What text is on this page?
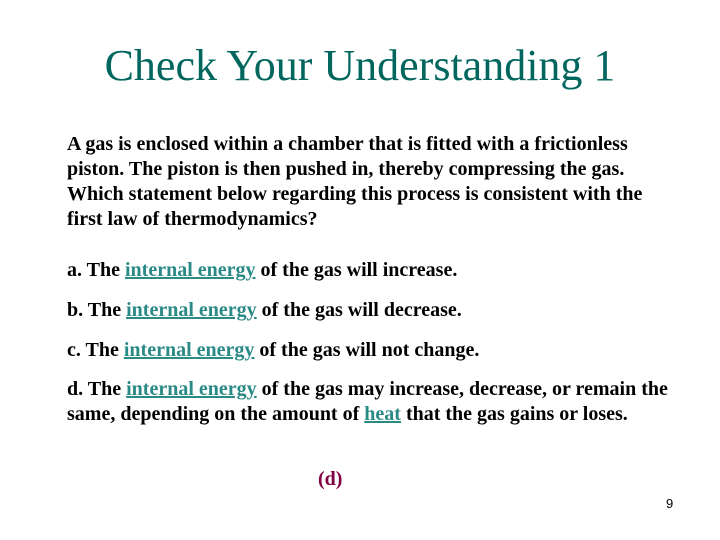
Check Your Understanding 1

A gas is enclosed within a chamber that is fitted with a frictionless piston. The piston is then pushed in, thereby compressing the gas. Which statement below regarding this process is consistent with the first law of thermodynamics?

a. The internal energy of the gas will increase.

b. The internal energy of the gas will decrease.

c. The internal energy of the gas will not change.

d. The internal energy of the gas may increase, decrease, or remain the same, depending on the amount of heat that the gas gains or loses.

(d)

9
